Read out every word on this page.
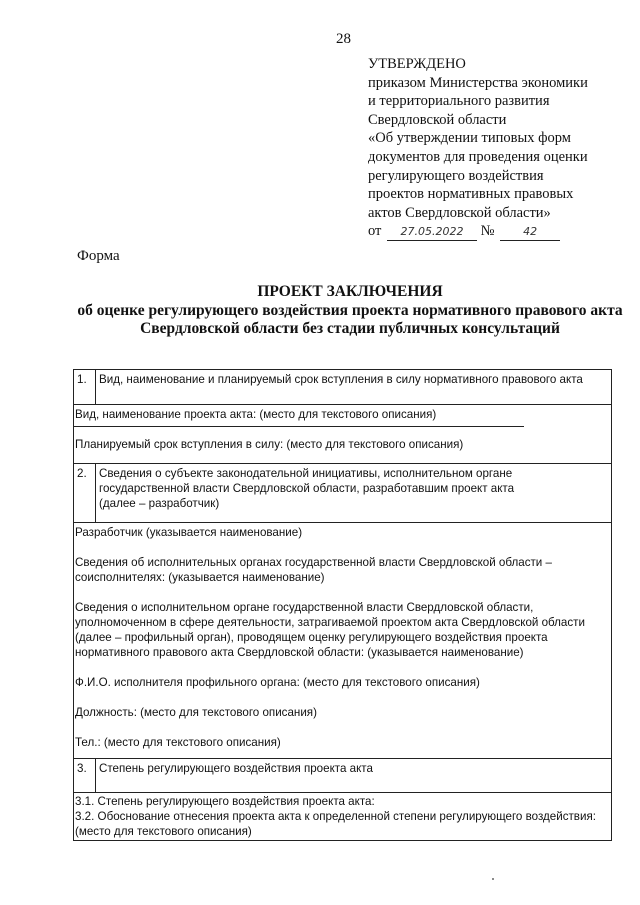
28
УТВЕРЖДЕНО
приказом Министерства экономики
и территориального развития
Свердловской области
«Об утверждении типовых форм
документов для проведения оценки
регулирующего воздействия
проектов нормативных правовых
актов Свердловской области»
от 27.05.2022 №	42
Форма
ПРОЕКТ ЗАКЛЮЧЕНИЯ
об оценке регулирующего воздействия проекта нормативного правового акта
Свердловской области без стадии публичных консультаций
1.	Вид, наименование и планируемый срок вступления в силу нормативного правового акта
Вид, наименование проекта акта: (место для текстового описания)
Планируемый срок вступления в силу: (место для текстового описания)
2.	Сведения о субъекте законодательной инициативы, исполнительном органе
государственной власти Свердловской области, разработавшим проект акта
(далее – разработчик)
Разработчик (указывается наименование)
Сведения об исполнительных органах государственной власти Свердловской области –
соисполнителях: (указывается наименование)
Сведения о исполнительном органе государственной власти Свердловской области,
уполномоченном в сфере деятельности, затрагиваемой проектом акта Свердловской области
(далее – профильный орган), проводящем оценку регулирующего воздействия проекта
нормативного правового акта Свердловской области: (указывается наименование)
Ф.И.О. исполнителя профильного органа: (место для текстового описания)
Должность: (место для текстового описания)
Тел.: (место для текстового описания)
3.	Степень регулирующего воздействия проекта акта
3.1. Степень регулирующего воздействия проекта акта:
3.2. Обоснование отнесения проекта акта к определенной степени регулирующего воздействия:
(место для текстового описания)
